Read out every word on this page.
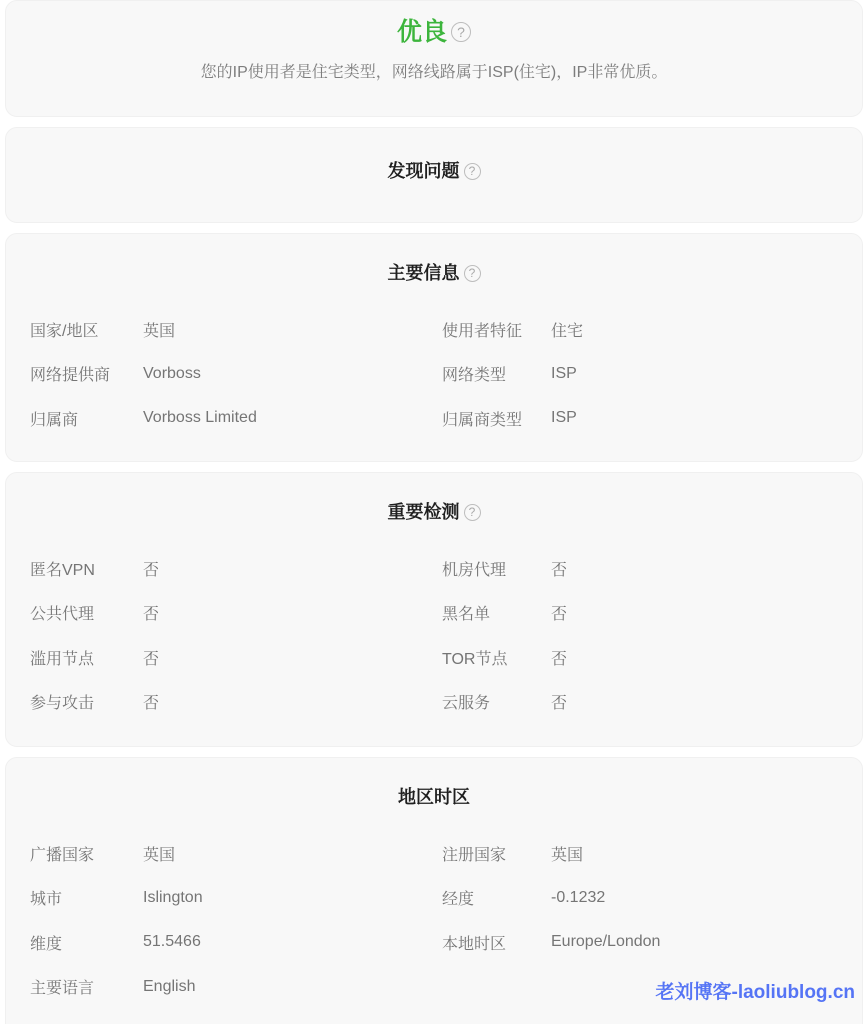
优良 ?
您的IP使用者是住宅类型，网络线路属于ISP(住宅)，IP非常优质。
发现问题 ?
主要信息 ?
国家/地区	英国	使用者特征	住宅
网络提供商	Vorboss	网络类型	ISP
归属商	Vorboss Limited	归属商类型	ISP
重要检测 ?
匿名VPN	否	机房代理	否
公共代理	否	黑名单	否
滥用节点	否	TOR节点	否
参与攻击	否	云服务	否
地区时区
广播国家	英国	注册国家	英国
城市	Islington	经度	-0.1232
维度	51.5466	本地时区	Europe/London
主要语言	English	老刘博客-laoliublog.cn
